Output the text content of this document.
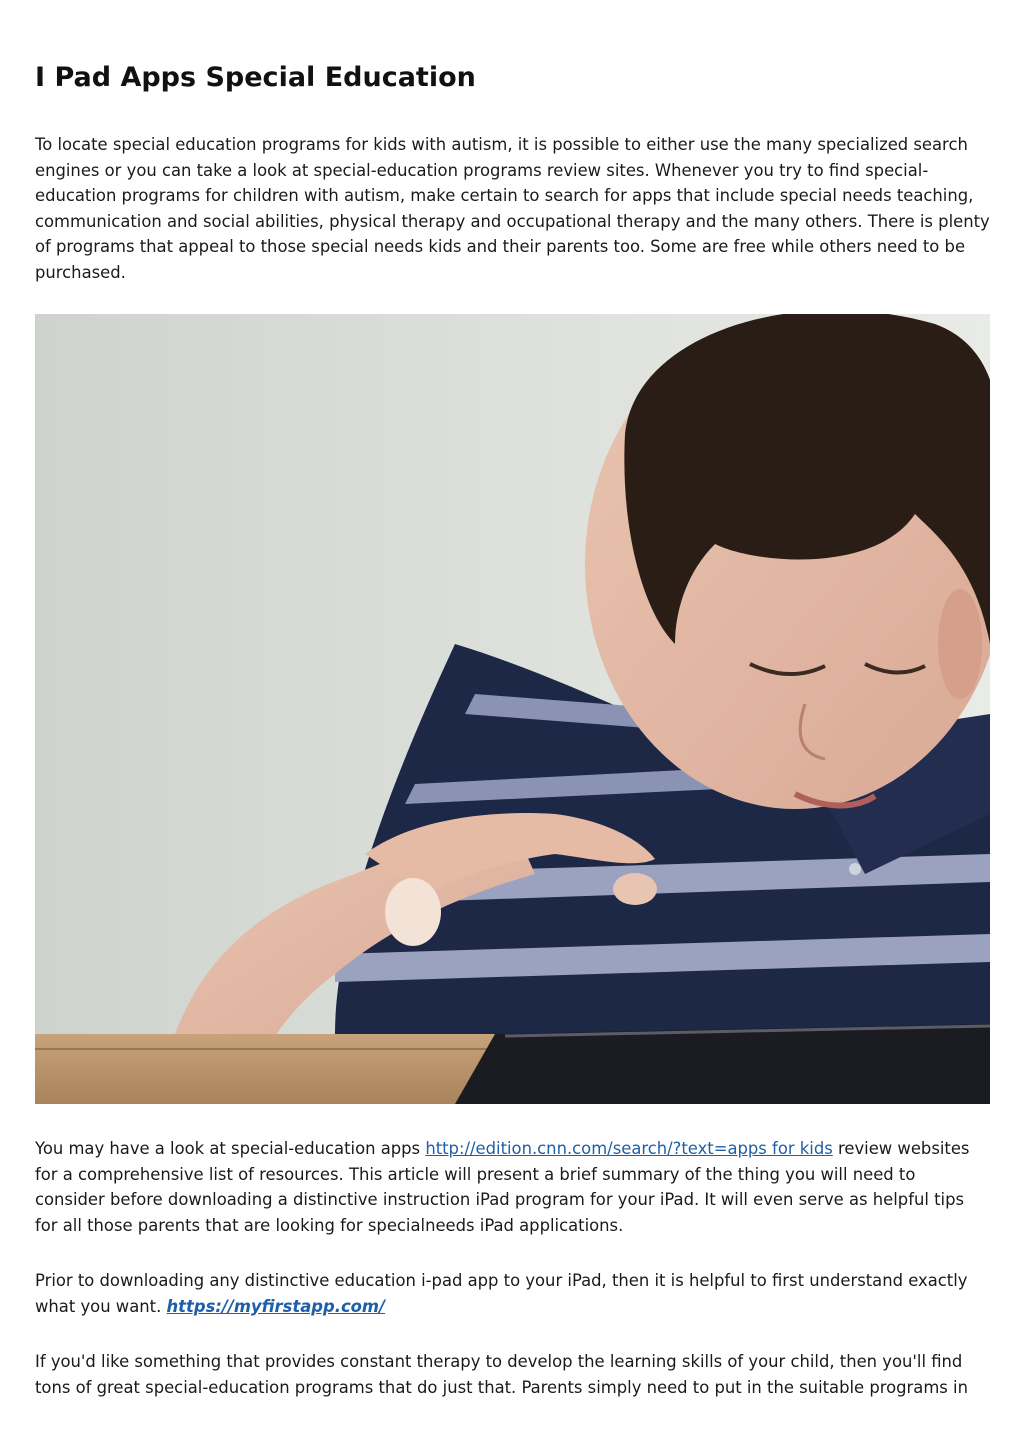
I Pad Apps Special Education

To locate special education programs for kids with autism, it is possible to either use the many specialized search engines or you can take a look at special-education programs review sites. Whenever you try to find special-education programs for children with autism, make certain to search for apps that include special needs teaching, communication and social abilities, physical therapy and occupational therapy and the many others. There is plenty of programs that appeal to those special needs kids and their parents too. Some are free while others need to be purchased.

You may have a look at special-education apps http://edition.cnn.com/search/?text=apps for kids review websites for a comprehensive list of resources. This article will present a brief summary of the thing you will need to consider before downloading a distinctive instruction iPad program for your iPad. It will even serve as helpful tips for all those parents that are looking for specialneeds iPad applications.

Prior to downloading any distinctive education i-pad app to your iPad, then it is helpful to first understand exactly what you want. https://myfirstapp.com/

If you'd like something that provides constant therapy to develop the learning skills of your child, then you'll find tons of great special-education programs that do just that. Parents simply need to put in the suitable programs in
